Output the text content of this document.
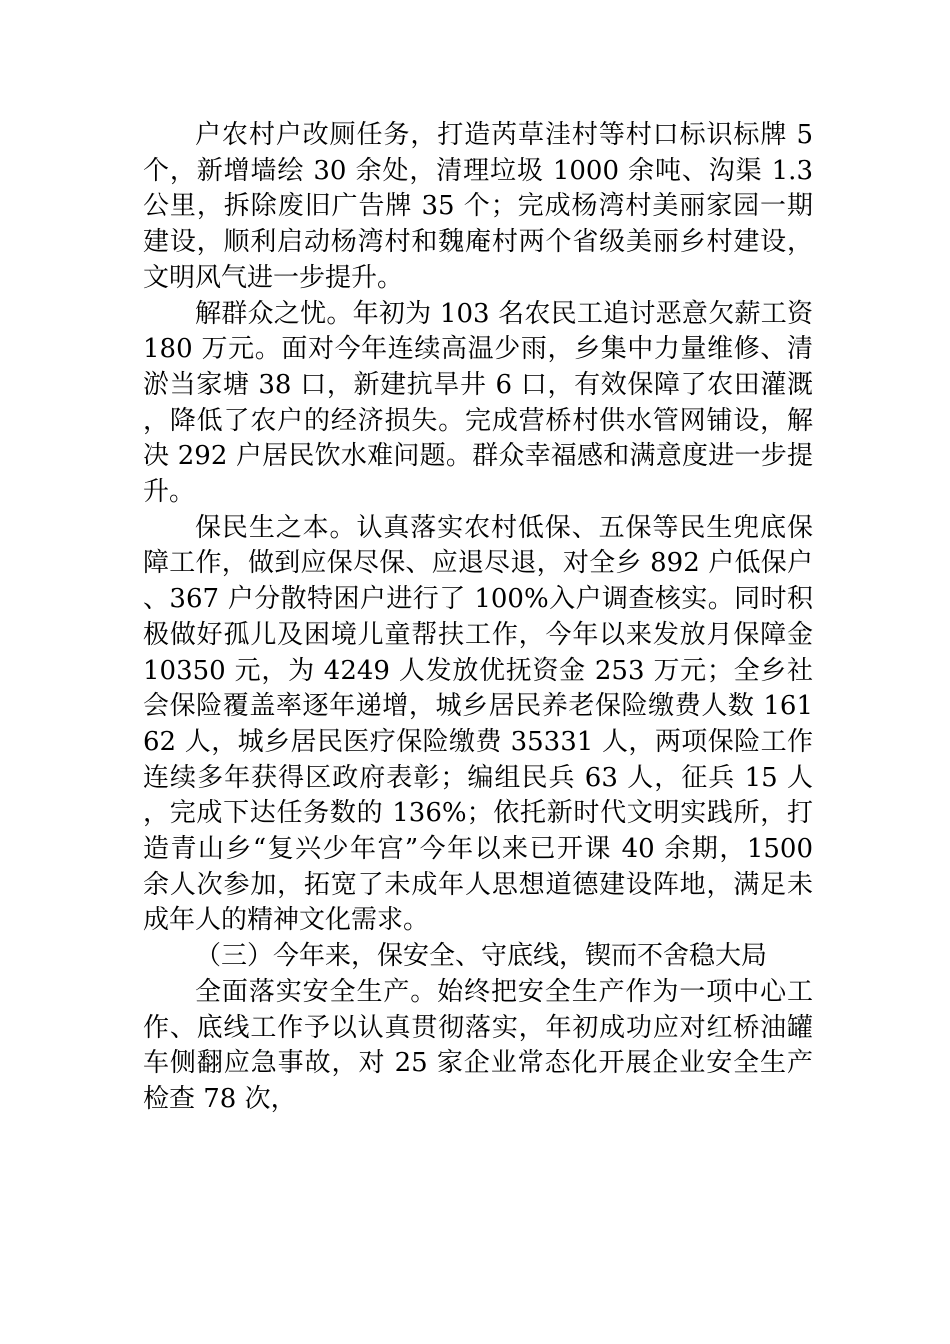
户农村户改厕任务，打造芮草洼村等村口标识标牌 5 个，新增墙绘 30 余处，清理垃圾 1000 余吨、沟渠 1.3 公里，拆除废旧广告牌 35 个；完成杨湾村美丽家园一期建设，顺利启动杨湾村和魏庵村两个省级美丽乡村建设，文明风气进一步提升。

解群众之忧。年初为 103 名农民工追讨恶意欠薪工资 180 万元。面对今年连续高温少雨，乡集中力量维修、清淤当家塘 38 口，新建抗旱井 6 口，有效保障了农田灌溉，降低了农户的经济损失。完成营桥村供水管网铺设，解决 292 户居民饮水难问题。群众幸福感和满意度进一步提升。

保民生之本。认真落实农村低保、五保等民生兜底保障工作，做到应保尽保、应退尽退，对全乡 892 户低保户、367 户分散特困户进行了 100%入户调查核实。同时积极做好孤儿及困境儿童帮扶工作，今年以来发放月保障金 10350 元，为 4249 人发放优抚资金 253 万元；全乡社会保险覆盖率逐年递增，城乡居民养老保险缴费人数 16162 人，城乡居民医疗保险缴费 35331 人，两项保险工作连续多年获得区政府表彰；编组民兵 63 人，征兵 15 人，完成下达任务数的 136%；依托新时代文明实践所，打造青山乡“复兴少年宫”今年以来已开课 40 余期，1500 余人次参加，拓宽了未成年人思想道德建设阵地，满足未成年人的精神文化需求。

（三）今年来，保安全、守底线，锲而不舍稳大局

全面落实安全生产。始终把安全生产作为一项中心工作、底线工作予以认真贯彻落实，年初成功应对红桥油罐车侧翻应急事故，对 25 家企业常态化开展企业安全生产检查 78 次，
